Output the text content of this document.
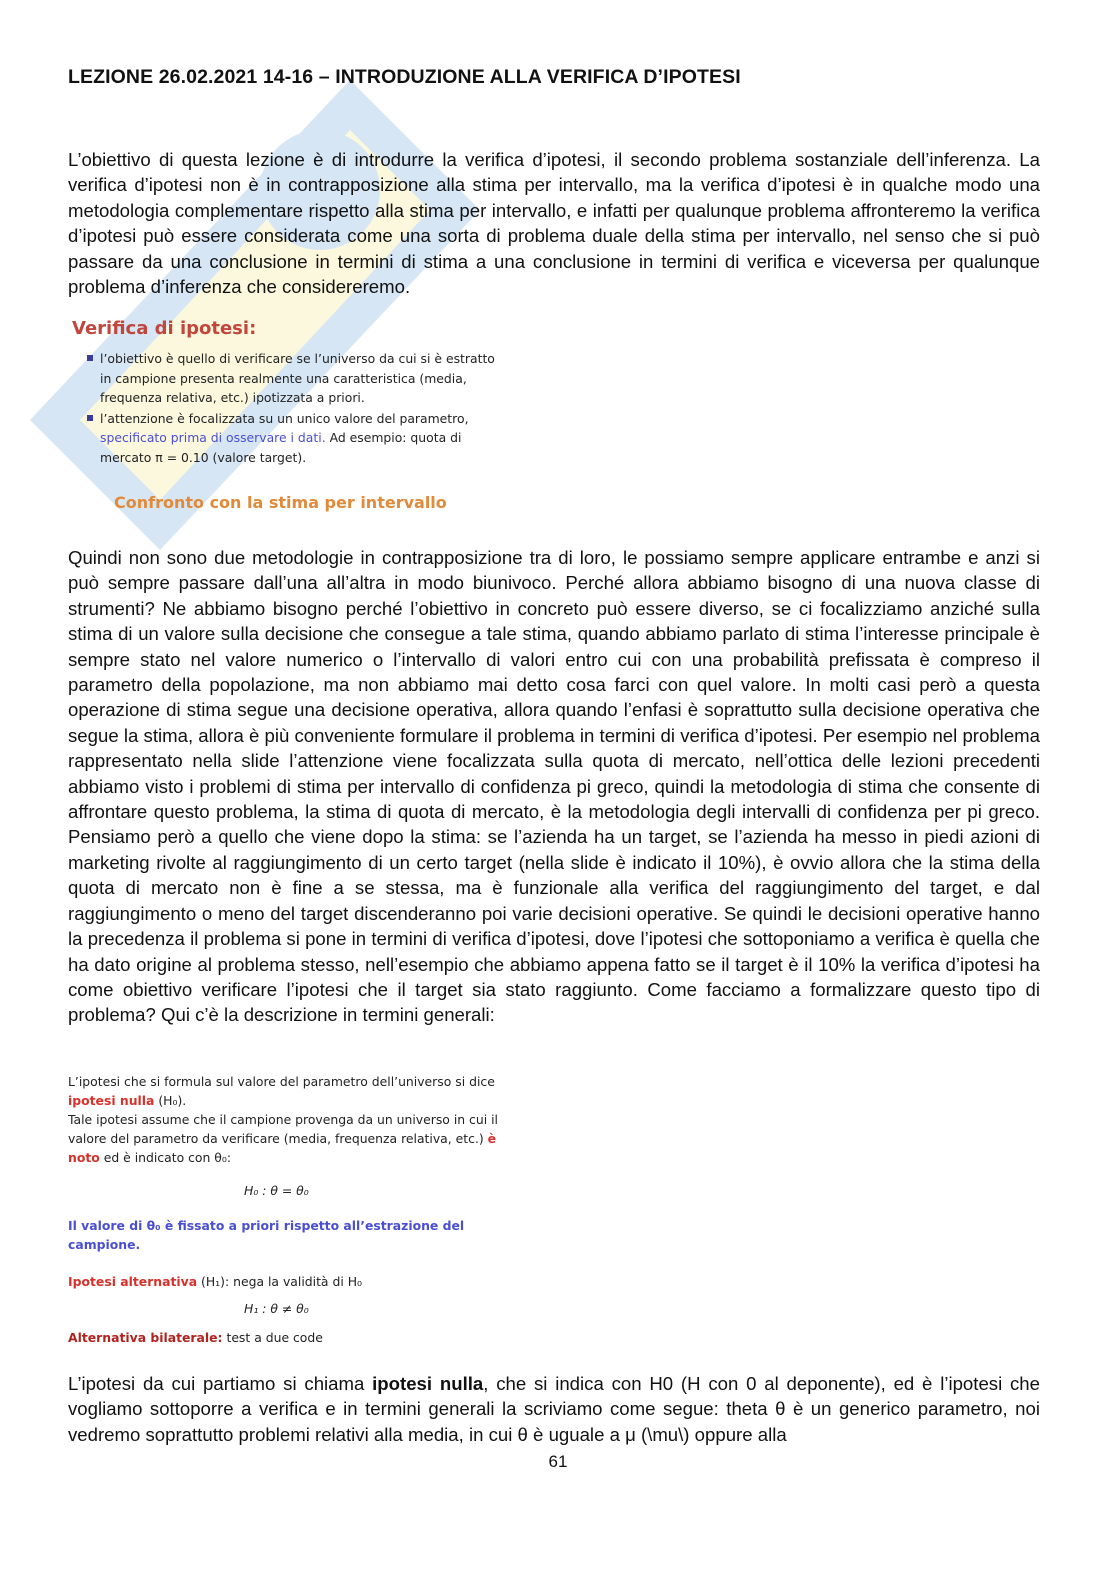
LEZIONE 26.02.2021 14-16 – INTRODUZIONE ALLA VERIFICA D’IPOTESI

L’obiettivo di questa lezione è di introdurre la verifica d’ipotesi, il secondo problema sostanziale dell’inferenza. La verifica d’ipotesi non è in contrapposizione alla stima per intervallo, ma la verifica d’ipotesi è in qualche modo una metodologia complementare rispetto alla stima per intervallo, e infatti per qualunque problema affronteremo la verifica d’ipotesi può essere considerata come una sorta di problema duale della stima per intervallo, nel senso che si può passare da una conclusione in termini di stima a una conclusione in termini di verifica e viceversa per qualunque problema d’inferenza che considereremo.

Verifica di ipotesi:
l’obiettivo è quello di verificare se l’universo da cui si è estratto in campione presenta realmente una caratteristica (media, frequenza relativa, etc.) ipotizzata a priori.
l’attenzione è focalizzata su un unico valore del parametro, specificato prima di osservare i dati. Ad esempio: quota di mercato π = 0.10 (valore target).
Confronto con la stima per intervallo

Quindi non sono due metodologie in contrapposizione tra di loro, le possiamo sempre applicare entrambe e anzi si può sempre passare dall’una all’altra in modo biunivoco. Perché allora abbiamo bisogno di una nuova classe di strumenti? Ne abbiamo bisogno perché l’obiettivo in concreto può essere diverso, se ci focalizziamo anziché sulla stima di un valore sulla decisione che consegue a tale stima, quando abbiamo parlato di stima l’interesse principale è sempre stato nel valore numerico o l’intervallo di valori entro cui con una probabilità prefissata è compreso il parametro della popolazione, ma non abbiamo mai detto cosa farci con quel valore. In molti casi però a questa operazione di stima segue una decisione operativa, allora quando l’enfasi è soprattutto sulla decisione operativa che segue la stima, allora è più conveniente formulare il problema in termini di verifica d’ipotesi. Per esempio nel problema rappresentato nella slide l’attenzione viene focalizzata sulla quota di mercato, nell’ottica delle lezioni precedenti abbiamo visto i problemi di stima per intervallo di confidenza pi greco, quindi la metodologia di stima che consente di affrontare questo problema, la stima di quota di mercato, è la metodologia degli intervalli di confidenza per pi greco. Pensiamo però a quello che viene dopo la stima: se l’azienda ha un target, se l’azienda ha messo in piedi azioni di marketing rivolte al raggiungimento di un certo target (nella slide è indicato il 10%), è ovvio allora che la stima della quota di mercato non è fine a se stessa, ma è funzionale alla verifica del raggiungimento del target, e dal raggiungimento o meno del target discenderanno poi varie decisioni operative. Se quindi le decisioni operative hanno la precedenza il problema si pone in termini di verifica d’ipotesi, dove l’ipotesi che sottoponiamo a verifica è quella che ha dato origine al problema stesso, nell’esempio che abbiamo appena fatto se il target è il 10% la verifica d’ipotesi ha come obiettivo verificare l’ipotesi che il target sia stato raggiunto. Come facciamo a formalizzare questo tipo di problema? Qui c’è la descrizione in termini generali:

L’ipotesi che si formula sul valore del parametro dell’universo si dice ipotesi nulla (H₀).
Tale ipotesi assume che il campione provenga da un universo in cui il valore del parametro da verificare (media, frequenza relativa, etc.) è noto ed è indicato con θ₀:
H₀ : θ = θ₀
Il valore di θ₀ è fissato a priori rispetto all’estrazione del campione.
Ipotesi alternativa (H₁): nega la validità di H₀
H₁ : θ ≠ θ₀
Alternativa bilaterale: test a due code

L’ipotesi da cui partiamo si chiama ipotesi nulla, che si indica con H0 (H con 0 al deponente), ed è l’ipotesi che vogliamo sottoporre a verifica e in termini generali la scriviamo come segue: theta θ è un generico parametro, noi vedremo soprattutto problemi relativi alla media, in cui θ è uguale a μ (\mu\) oppure alla

61
